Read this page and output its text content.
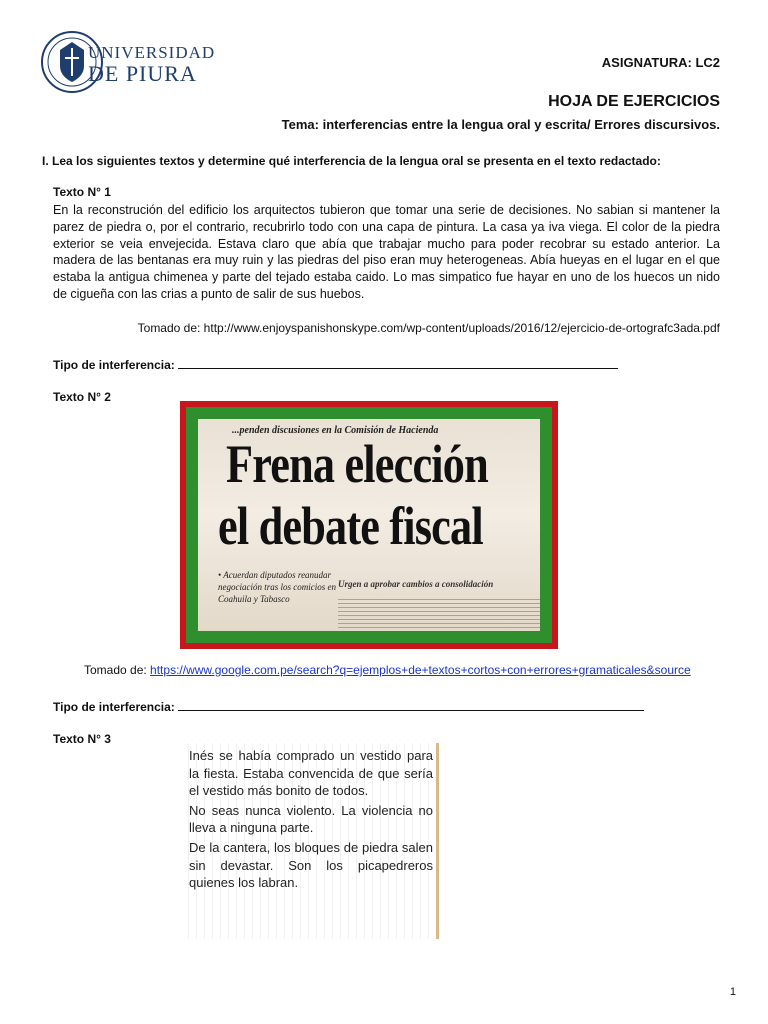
UNIVERSIDAD
DE PIURA	ASIGNATURA: LC2
HOJA DE EJERCICIOS
Tema: interferencias entre la lengua oral y escrita/ Errores discursivos.
I. Lea los siguientes textos y determine qué interferencia de la lengua oral se presenta en el texto redactado:
Texto N° 1
En la reconstrución del edificio los arquitectos tubieron que tomar una serie de decisiones. No sabian si mantener la parez de piedra o, por el contrario, recubrirlo todo con una capa de pintura. La casa ya iva viega. El color de la piedra exterior se veia envejecida. Estava claro que abía que trabajar mucho para poder recobrar su estado anterior. La madera de las bentanas era muy ruin y las piedras del piso eran muy heterogeneas. Abía hueyas en el lugar en el que estaba la antigua chimenea y parte del tejado estaba caido. Lo mas simpatico fue hayar en uno de los huecos un nido de cigueña con las crias a punto de salir de sus huebos.
Tomado de: http://www.enjoyspanishonskype.com/wp-content/uploads/2016/12/ejercicio-de-ortografc3ada.pdf
Tipo de interferencia:
Texto N° 2
...penden discusiones en la Comisión de Hacienda
Frena elección
el debate fiscal
• Acuerdan diputados reanudar negociación tras los comicios en Coahuila y Tabasco
Urgen a aprobar cambios a consolidación
Tomado de: https://www.google.com.pe/search?q=ejemplos+de+textos+cortos+con+errores+gramaticales&source
Tipo de interferencia:
Texto N° 3

Inés se había comprado un vestido para la fiesta. Estaba convencida de que sería el vestido más bonito de todos.

No seas nunca violento. La violencia no lleva a ninguna parte.

De la cantera, los bloques de piedra salen sin devastar. Son los picapedreros quienes los labran.

1
